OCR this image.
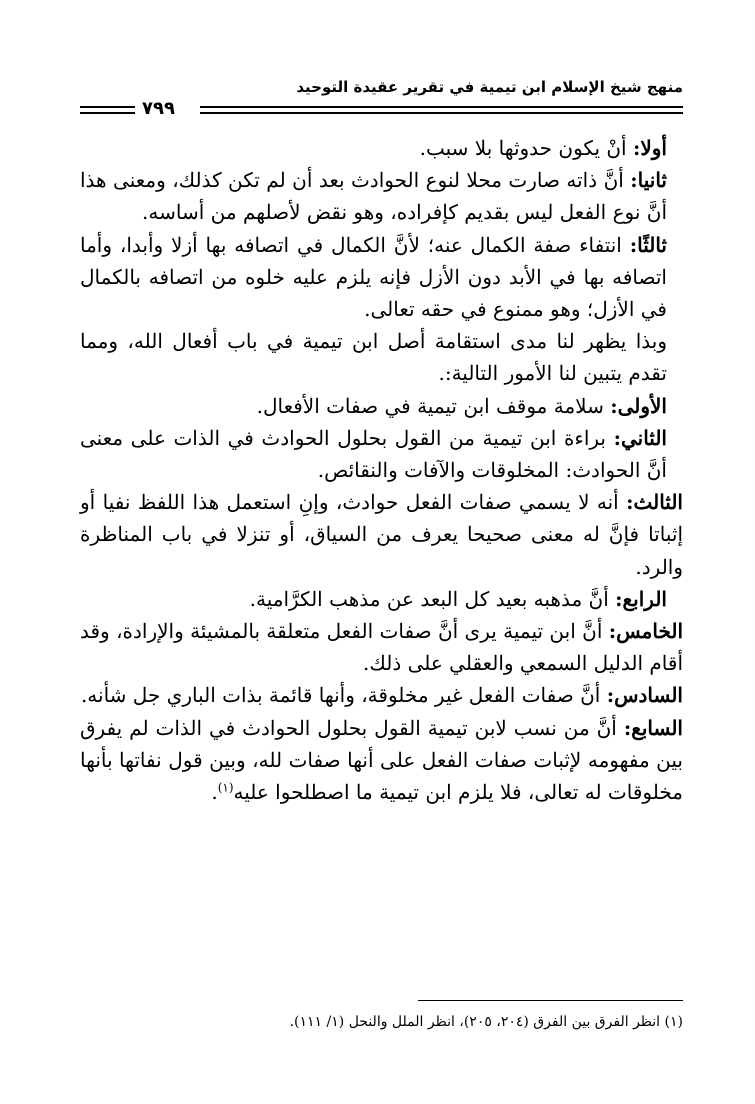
منهج شيخ الإسلام ابن تيمية في تقرير عقيدة التوحيد
٧٩٩

أولا: أنْ يكون حدوثها بلا سبب.

ثانيا: أنَّ ذاته صارت محلا لنوع الحوادث بعد أن لم تكن كذلك، ومعنى هذا أنَّ نوع الفعل ليس بقديم كإفراده، وهو نقض لأصلهم من أساسه.

ثالثًا: انتفاء صفة الكمال عنه؛ لأنَّ الكمال في اتصافه بها أزلا وأبدا، وأما اتصافه بها في الأبد دون الأزل فإنه يلزم عليه خلوه من اتصافه بالكمال في الأزل؛ وهو ممنوع في حقه تعالى.

وبذا يظهر لنا مدى استقامة أصل ابن تيمية في باب أفعال الله، ومما تقدم يتبين لنا الأمور التالية:.

الأولى: سلامة موقف ابن تيمية في صفات الأفعال.

الثاني: براءة ابن تيمية من القول بحلول الحوادث في الذات على معنى أنَّ الحوادث: المخلوقات والآفات والنقائص.

الثالث: أنه لا يسمي صفات الفعل حوادث، وإنِ استعمل هذا اللفظ نفيا أو إثباتا فإنَّ له معنى صحيحا يعرف من السياق، أو تنزلا في باب المناظرة والرد.

الرابع: أنَّ مذهبه بعيد كل البعد عن مذهب الكرَّامية.

الخامس: أنَّ ابن تيمية يرى أنَّ صفات الفعل متعلقة بالمشيئة والإرادة، وقد أقام الدليل السمعي والعقلي على ذلك.

السادس: أنَّ صفات الفعل غير مخلوقة، وأنها قائمة بذات الباري جل شأنه.

السابع: أنَّ من نسب لابن تيمية القول بحلول الحوادث في الذات لم يفرق بين مفهومه لإثبات صفات الفعل على أنها صفات لله، وبين قول نفاتها بأنها مخلوقات له تعالى، فلا يلزم ابن تيمية ما اصطلحوا عليه$^{(١)}$.

(١) انظر الفرق بين الفرق (٢٠٤، ٢٠٥)، انظر الملل والنحل (١/ ١١١).
